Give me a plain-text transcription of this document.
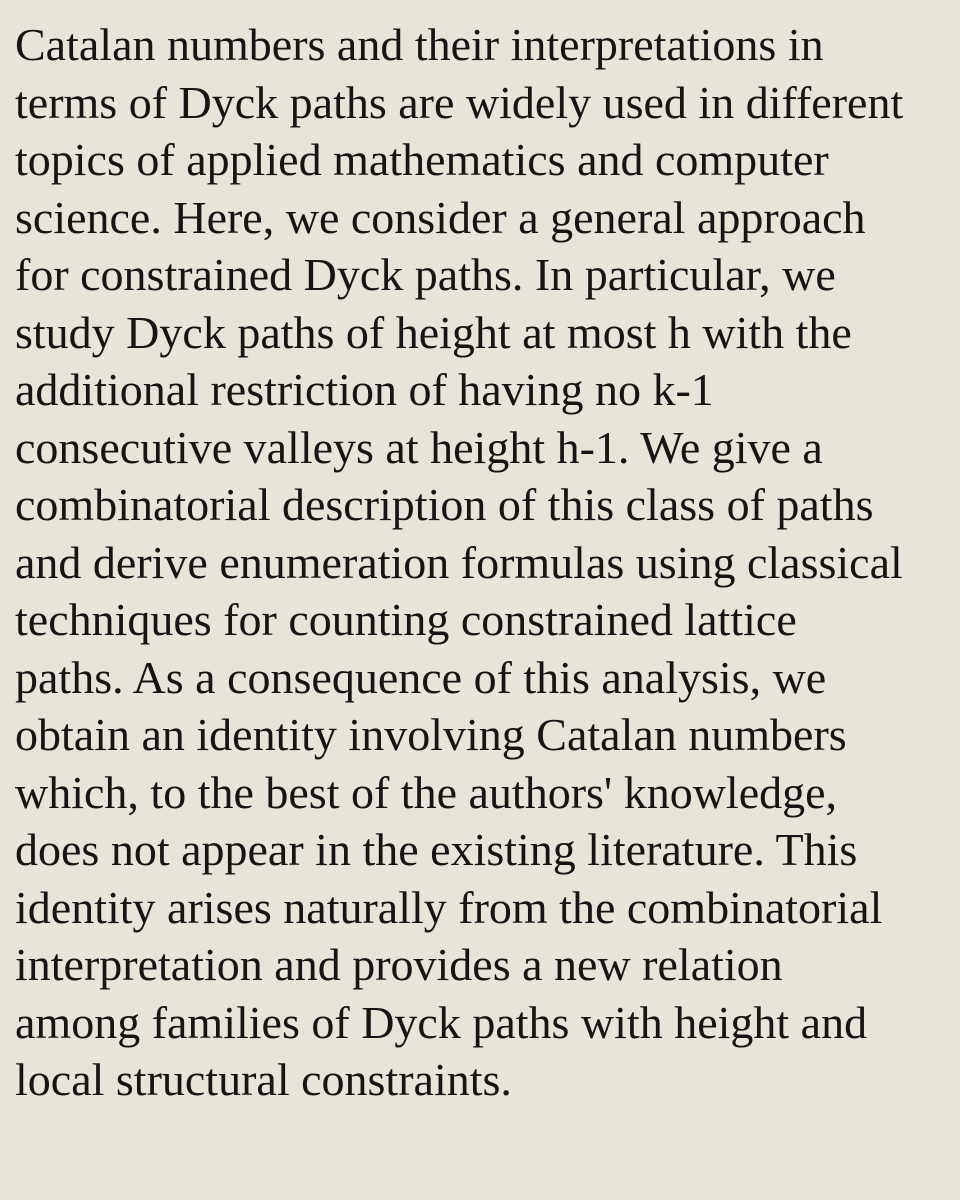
Catalan numbers and their interpretations in

terms of Dyck paths are widely used in different

topics of applied mathematics and computer

science. Here, we consider a general approach

for constrained Dyck paths. In particular, we

study Dyck paths of height at most h with the

additional restriction of having no k-1

consecutive valleys at height h-1. We give a

combinatorial description of this class of paths

and derive enumeration formulas using classical

techniques for counting constrained lattice

paths. As a consequence of this analysis, we

obtain an identity involving Catalan numbers

which, to the best of the authors' knowledge,

does not appear in the existing literature. This

identity arises naturally from the combinatorial

interpretation and provides a new relation

among families of Dyck paths with height and

local structural constraints.
